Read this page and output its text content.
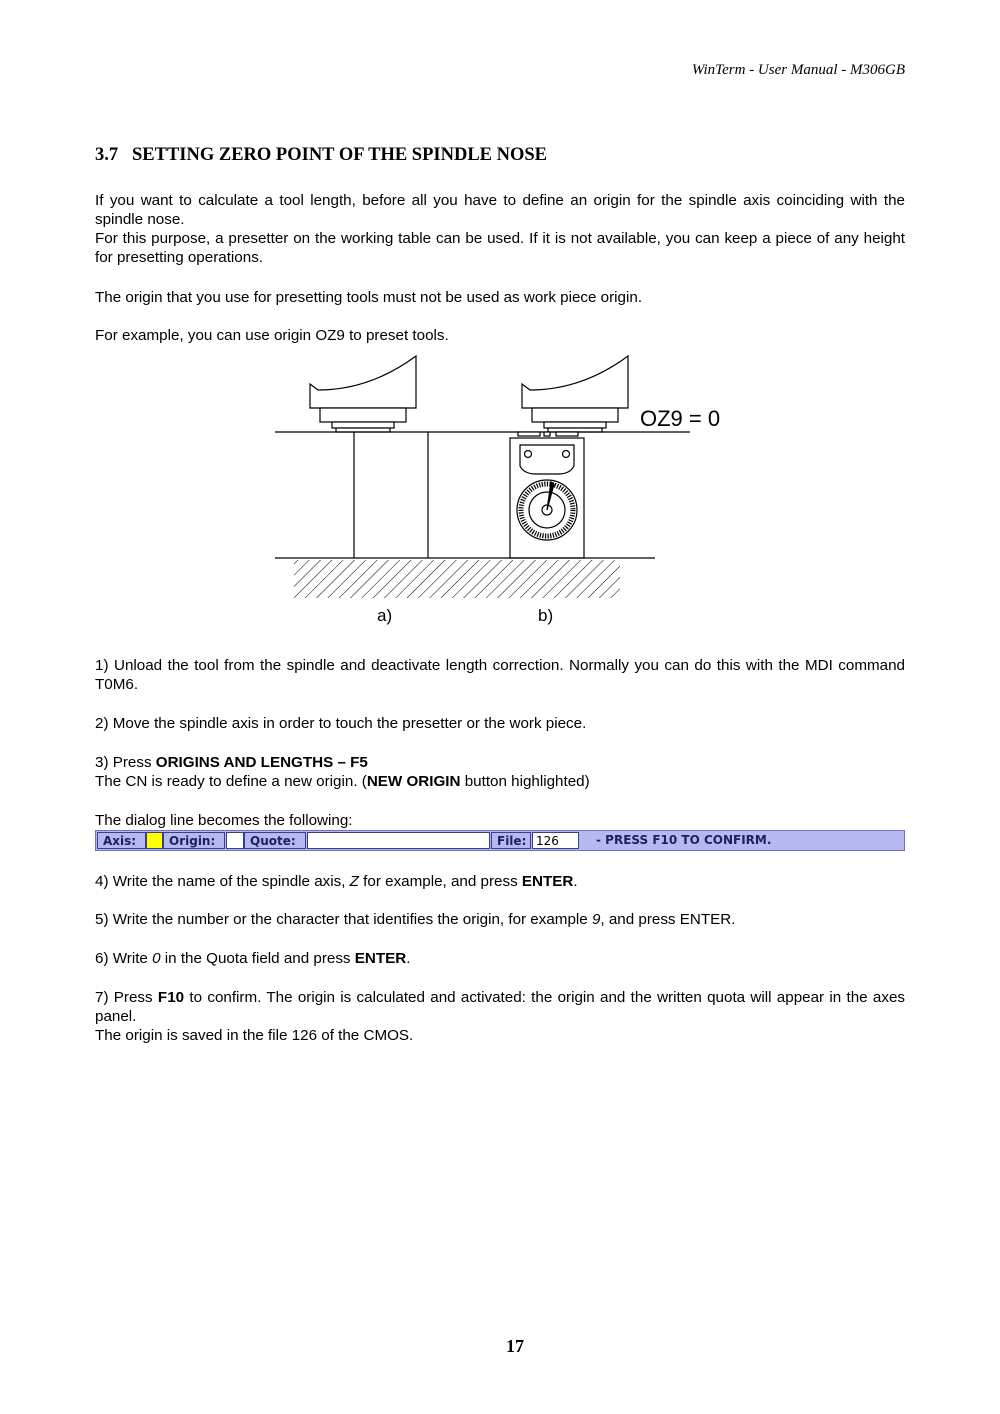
WinTerm - User Manual - M306GB
3.7 SETTING ZERO POINT OF THE SPINDLE NOSE

If you want to calculate a tool length, before all you have to define an origin for the spindle axis coinciding with the spindle nose.

For this purpose, a presetter on the working table can be used. If it is not available, you can keep a piece of any height for presetting operations.

The origin that you use for presetting tools must not be used as work piece origin.
For example, you can use origin OZ9 to preset tools.
OZ9 = 0
a)	b)
1) Unload the tool from the spindle and deactivate length correction. Normally you can do this with the MDI command T0M6.
2) Move the spindle axis in order to touch the presetter or the work piece.

3) Press ORIGINS AND LENGTHS – F5

The CN is ready to define a new origin. (NEW ORIGIN button highlighted)

The dialog line becomes the following:
Axis:	Origin:	Quote:	File: 126	- PRESS F10 TO CONFIRM.
4) Write the name of the spindle axis, Z for example, and press ENTER.
5) Write the number or the character that identifies the origin, for example 9, and press ENTER.
6) Write 0 in the Quota field and press ENTER.

7) Press F10 to confirm. The origin is calculated and activated: the origin and the written quota will appear in the axes panel.

The origin is saved in the file 126 of the CMOS.

17
